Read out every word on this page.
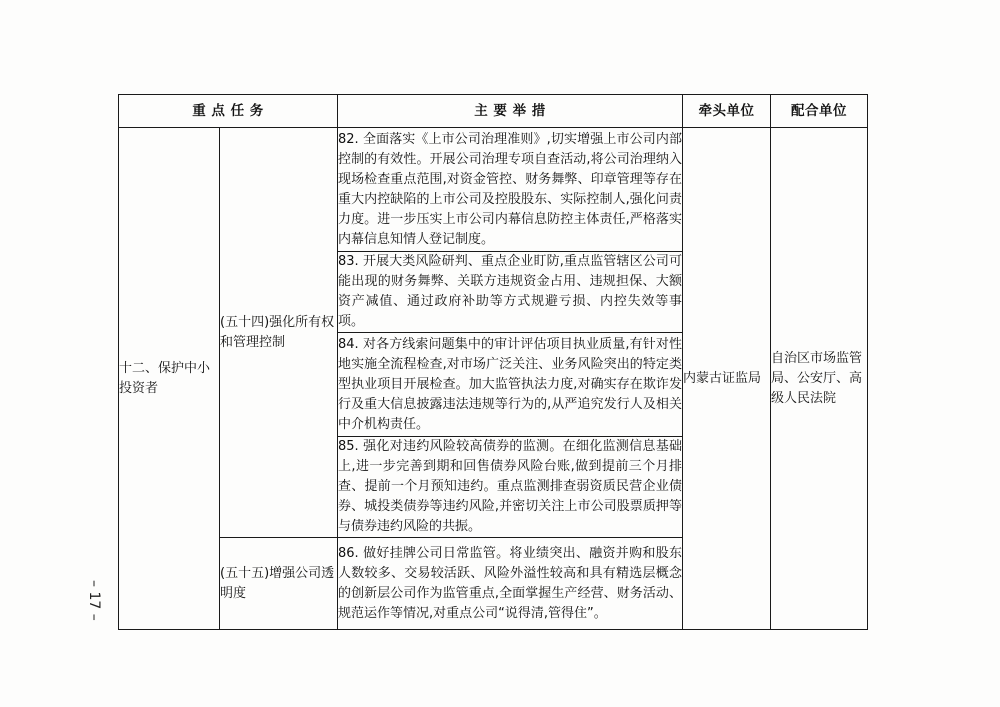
重 点 任 务		主 要 举 措	牵头单位	配合单位
十二、保护中小投资者	(五十四)强化所有权和管理控制	82. 全面落实《上市公司治理准则》,切实增强上市公司内部控制的有效性。开展公司治理专项自查活动,将公司治理纳入现场检查重点范围,对资金管控、财务舞弊、印章管理等存在重大内控缺陷的上市公司及控股股东、实际控制人,强化问责力度。进一步压实上市公司内幕信息防控主体责任,严格落实内幕信息知情人登记制度。	内蒙古证监局	自治区市场监管局、公安厅、高级人民法院
		83. 开展大类风险研判、重点企业盯防,重点监管辖区公司可能出现的财务舞弊、关联方违规资金占用、违规担保、大额资产减值、通过政府补助等方式规避亏损、内控失效等事项。		
		84. 对各方线索问题集中的审计评估项目执业质量,有针对性地实施全流程检查,对市场广泛关注、业务风险突出的特定类型执业项目开展检查。加大监管执法力度,对确实存在欺诈发行及重大信息披露违法违规等行为的,从严追究发行人及相关中介机构责任。		
		85. 强化对违约风险较高债券的监测。在细化监测信息基础上,进一步完善到期和回售债券风险台账,做到提前三个月排查、提前一个月预知违约。重点监测排查弱资质民营企业债券、城投类债券等违约风险,并密切关注上市公司股票质押等与债券违约风险的共振。		
	(五十五)增强公司透明度	86. 做好挂牌公司日常监管。将业绩突出、融资并购和股东人数较多、交易较活跃、风险外溢性较高和具有精选层概念的创新层公司作为监管重点,全面掌握生产经营、财务活动、规范运作等情况,对重点公司“说得清,管得住”。		
– 17 –
